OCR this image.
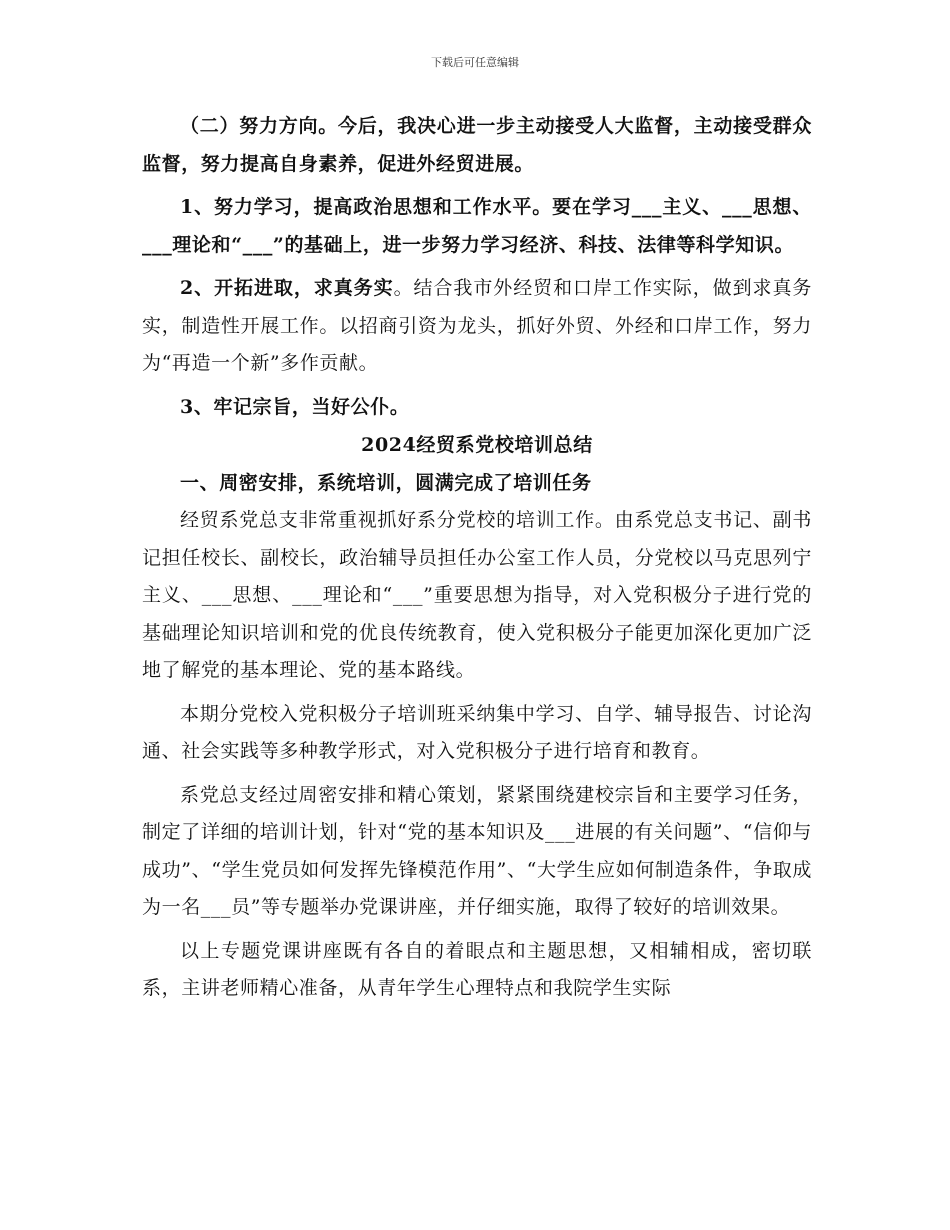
下载后可任意编辑

（二）努力方向。今后，我决心进一步主动接受人大监督，主动接受群众监督，努力提高自身素养，促进外经贸进展。

1、努力学习，提高政治思想和工作水平。要在学习___主义、___思想、___理论和“___”的基础上，进一步努力学习经济、科技、法律等科学知识。

2、开拓进取，求真务实。结合我市外经贸和口岸工作实际，做到求真务实，制造性开展工作。以招商引资为龙头，抓好外贸、外经和口岸工作，努力为“再造一个新”多作贡献。

3、牢记宗旨，当好公仆。

2024经贸系党校培训总结

一、周密安排，系统培训，圆满完成了培训任务

经贸系党总支非常重视抓好系分党校的培训工作。由系党总支书记、副书记担任校长、副校长，政治辅导员担任办公室工作人员，分党校以马克思列宁主义、___思想、___理论和“___”重要思想为指导，对入党积极分子进行党的基础理论知识培训和党的优良传统教育，使入党积极分子能更加深化更加广泛地了解党的基本理论、党的基本路线。

本期分党校入党积极分子培训班采纳集中学习、自学、辅导报告、讨论沟通、社会实践等多种教学形式，对入党积极分子进行培育和教育。

系党总支经过周密安排和精心策划，紧紧围绕建校宗旨和主要学习任务，制定了详细的培训计划，针对“党的基本知识及___进展的有关问题”、“信仰与成功”、“学生党员如何发挥先锋模范作用”、“大学生应如何制造条件，争取成为一名___员”等专题举办党课讲座，并仔细实施，取得了较好的培训效果。

以上专题党课讲座既有各自的着眼点和主题思想，又相辅相成，密切联系，主讲老师精心准备，从青年学生心理特点和我院学生实际
